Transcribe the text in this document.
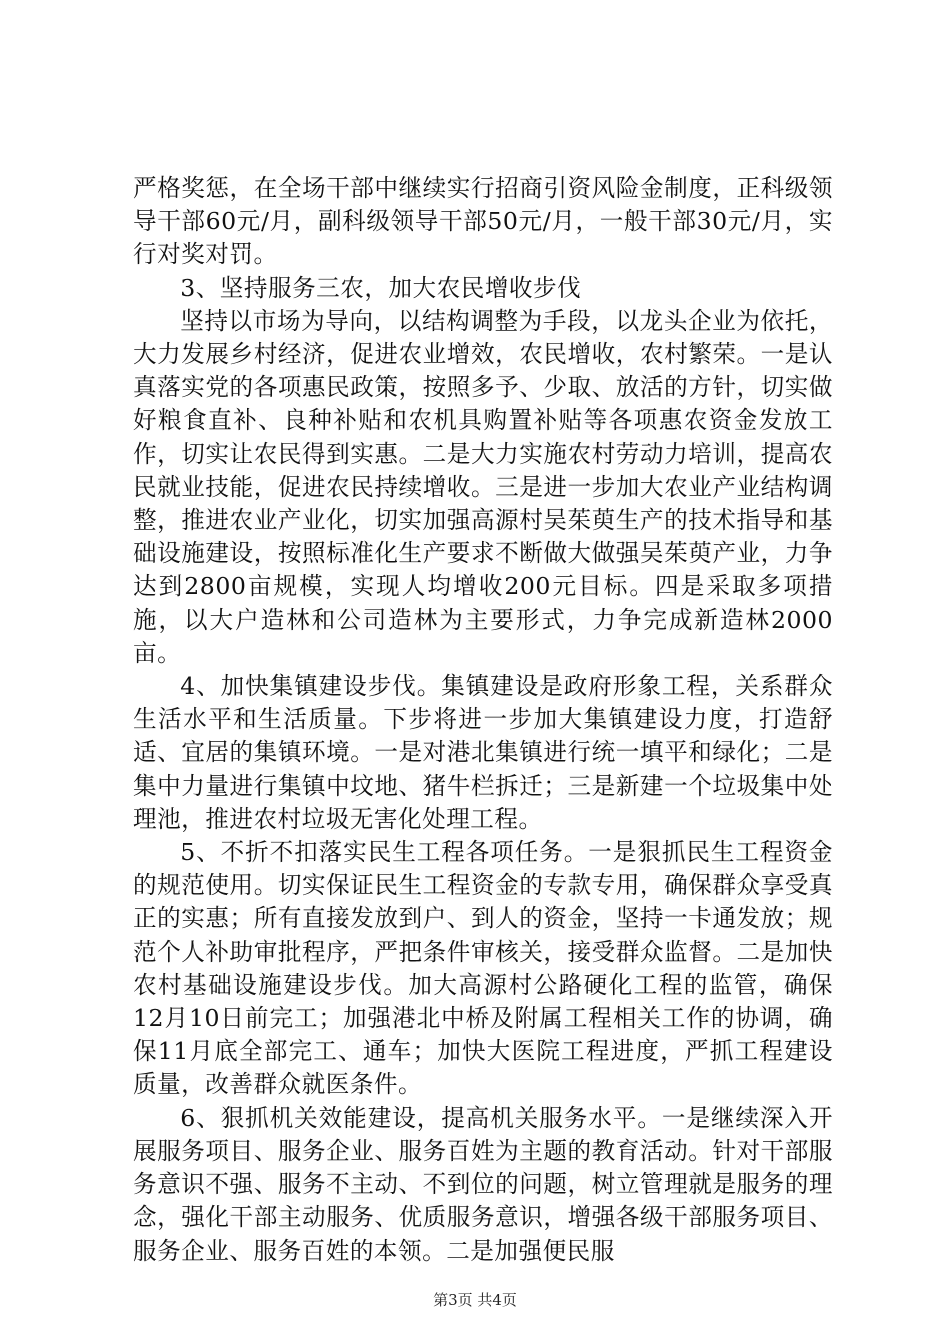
严格奖惩，在全场干部中继续实行招商引资风险金制度，正科级领导干部60元/月，副科级领导干部50元/月，一般干部30元/月，实行对奖对罚。

3、坚持服务三农，加大农民增收步伐

坚持以市场为导向，以结构调整为手段，以龙头企业为依托，大力发展乡村经济，促进农业增效，农民增收，农村繁荣。一是认真落实党的各项惠民政策，按照多予、少取、放活的方针，切实做好粮食直补、良种补贴和农机具购置补贴等各项惠农资金发放工作，切实让农民得到实惠。二是大力实施农村劳动力培训，提高农民就业技能，促进农民持续增收。三是进一步加大农业产业结构调整，推进农业产业化，切实加强高源村吴茱萸生产的技术指导和基础设施建设，按照标准化生产要求不断做大做强吴茱萸产业，力争达到2800亩规模，实现人均增收200元目标。四是采取多项措施，以大户造林和公司造林为主要形式，力争完成新造林2000亩。

4、加快集镇建设步伐。集镇建设是政府形象工程，关系群众生活水平和生活质量。下步将进一步加大集镇建设力度，打造舒适、宜居的集镇环境。一是对港北集镇进行统一填平和绿化；二是集中力量进行集镇中坟地、猪牛栏拆迁；三是新建一个垃圾集中处理池，推进农村垃圾无害化处理工程。

5、不折不扣落实民生工程各项任务。一是狠抓民生工程资金的规范使用。切实保证民生工程资金的专款专用，确保群众享受真正的实惠；所有直接发放到户、到人的资金，坚持一卡通发放；规范个人补助审批程序，严把条件审核关，接受群众监督。二是加快农村基础设施建设步伐。加大高源村公路硬化工程的监管，确保12月10日前完工；加强港北中桥及附属工程相关工作的协调，确保11月底全部完工、通车；加快大医院工程进度，严抓工程建设质量，改善群众就医条件。

6、狠抓机关效能建设，提高机关服务水平。一是继续深入开展服务项目、服务企业、服务百姓为主题的教育活动。针对干部服务意识不强、服务不主动、不到位的问题，树立管理就是服务的理念，强化干部主动服务、优质服务意识，增强各级干部服务项目、服务企业、服务百姓的本领。二是加强便民服

第3页 共4页
